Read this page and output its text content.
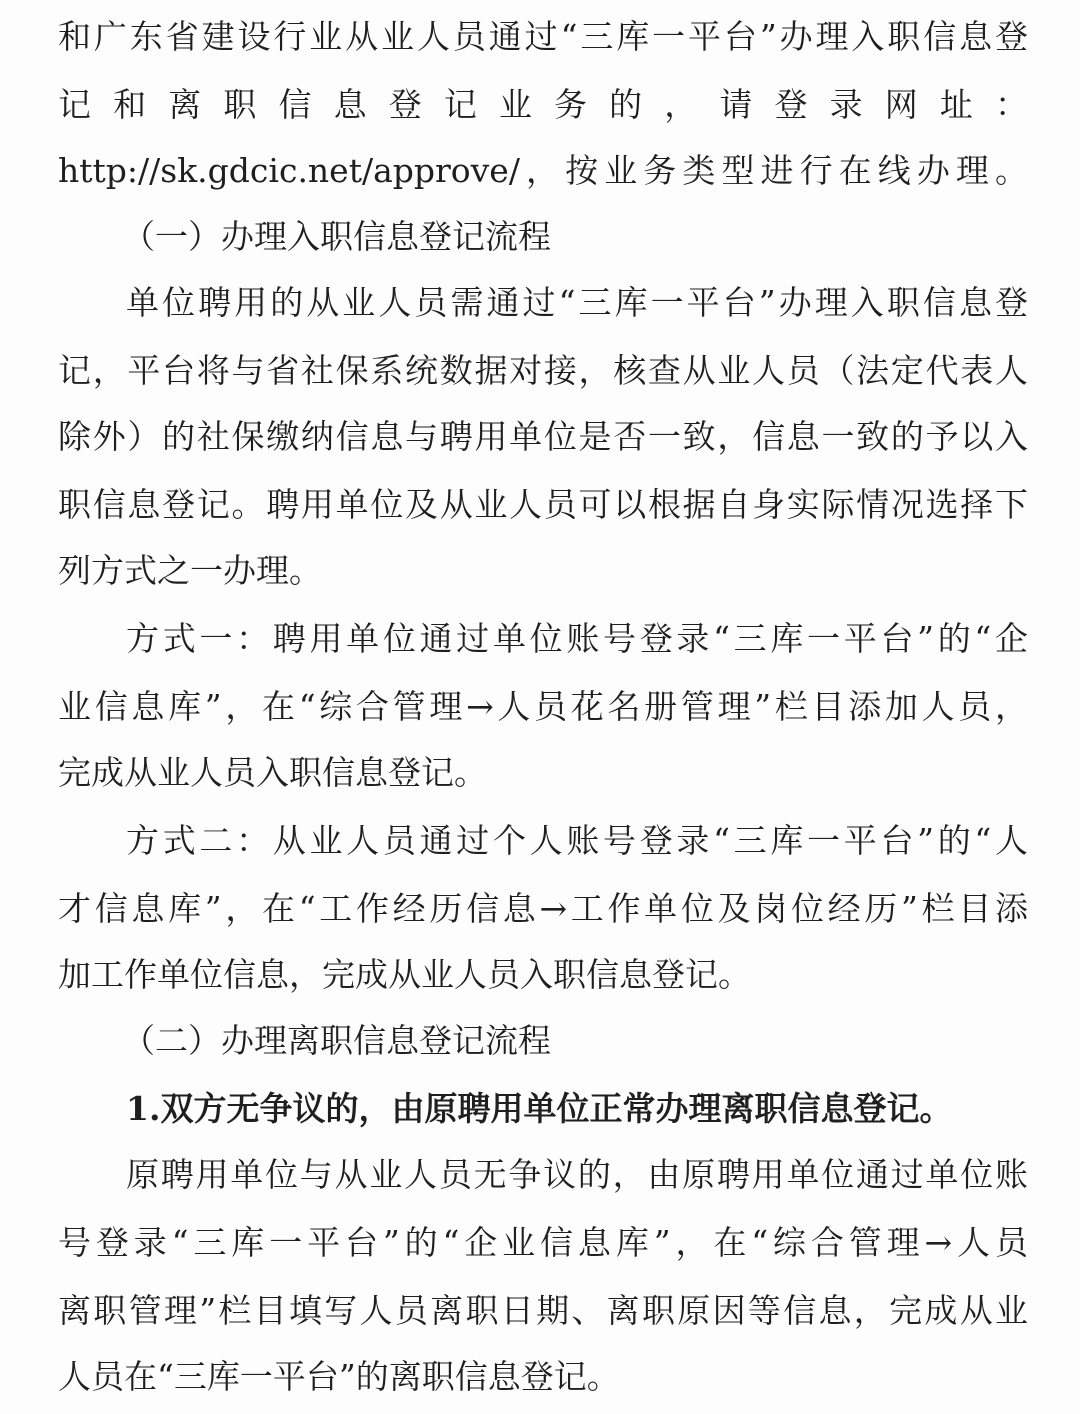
和广东省建设行业从业人员通过“三库一平台”办理入职信息登
记和离职信息登记业务的，请登录网址：
http://sk.gdcic.net/approve/，按业务类型进行在线办理。
（一）办理入职信息登记流程
单位聘用的从业人员需通过“三库一平台”办理入职信息登
记，平台将与省社保系统数据对接，核查从业人员（法定代表人
除外）的社保缴纳信息与聘用单位是否一致，信息一致的予以入
职信息登记。聘用单位及从业人员可以根据自身实际情况选择下
列方式之一办理。
方式一：聘用单位通过单位账号登录“三库一平台”的“企
业信息库”，在“综合管理→人员花名册管理”栏目添加人员，
完成从业人员入职信息登记。
方式二：从业人员通过个人账号登录“三库一平台”的“人
才信息库”，在“工作经历信息→工作单位及岗位经历”栏目添
加工作单位信息，完成从业人员入职信息登记。
（二）办理离职信息登记流程
1.双方无争议的，由原聘用单位正常办理离职信息登记。
原聘用单位与从业人员无争议的，由原聘用单位通过单位账
号登录“三库一平台”的“企业信息库”，在“综合管理→人员
离职管理”栏目填写人员离职日期、离职原因等信息，完成从业
人员在“三库一平台”的离职信息登记。
